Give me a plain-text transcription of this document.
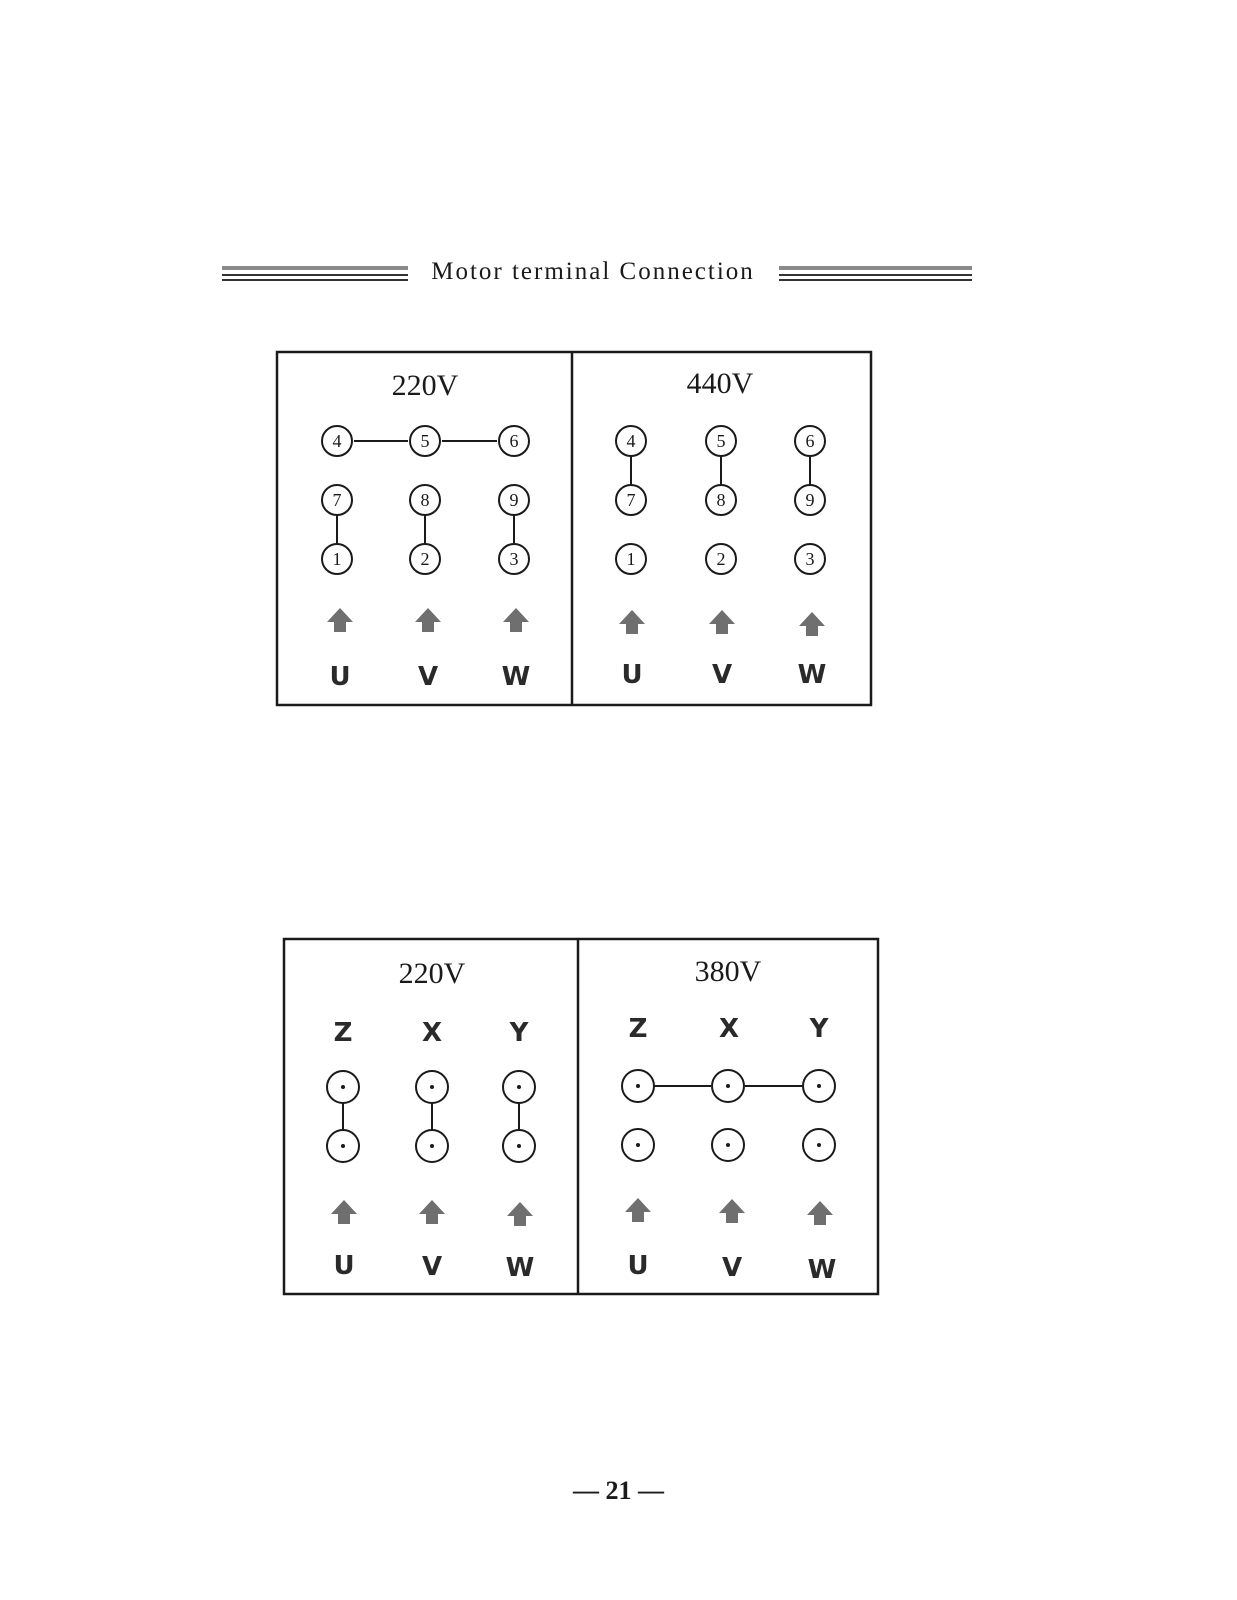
Motor terminal Connection
220V
4	5	6
7	8	9
1	2	3
U	V W
440V
4	5	6
7	8	9
1	2	3
U	V	W
220V
Z	X	Y
U	V W
380V
Z	X	Y
U	V	W
— 21 —
